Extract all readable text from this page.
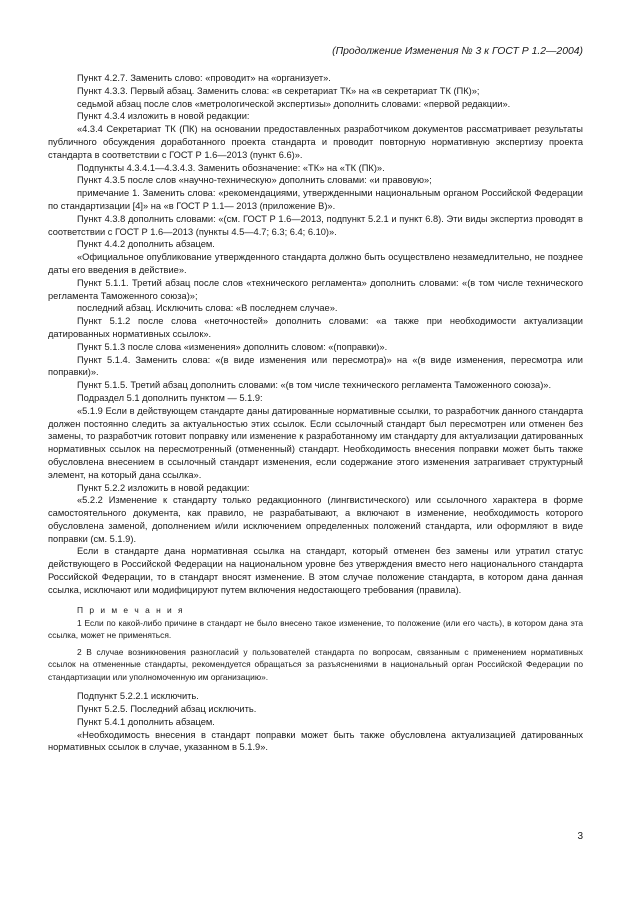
(Продолжение Изменения № 3 к ГОСТ Р 1.2—2004)

Пункт 4.2.7. Заменить слово: «проводит» на «организует».

Пункт 4.3.3. Первый абзац. Заменить слова: «в секретариат ТК» на «в секретариат ТК (ПК)»;

седьмой абзац после слов «метрологической экспертизы» дополнить словами: «первой редакции».

Пункт 4.3.4 изложить в новой редакции:

«4.3.4 Секретариат ТК (ПК) на основании предоставленных разработчиком документов рассматривает результаты публичного обсуждения доработанного проекта стандарта и проводит повторную нормативную экспертизу проекта стандарта в соответствии с ГОСТ Р 1.6—2013 (пункт 6.6)».

Подпункты 4.3.4.1—4.3.4.3. Заменить обозначение: «ТК» на «ТК (ПК)».

Пункт 4.3.5 после слов «научно-техническую» дополнить словами: «и правовую»;

примечание 1. Заменить слова: «рекомендациями, утвержденными национальным органом Российской Федерации по стандартизации [4]» на «в ГОСТ Р 1.1— 2013 (приложение В)».

Пункт 4.3.8 дополнить словами: «(см. ГОСТ Р 1.6—2013, подпункт 5.2.1 и пункт 6.8). Эти виды экспертиз проводят в соответствии с ГОСТ Р 1.6—2013 (пункты 4.5—4.7; 6.3; 6.4; 6.10)».

Пункт 4.4.2 дополнить абзацем.

«Официальное опубликование утвержденного стандарта должно быть осуществлено незамедлительно, не позднее даты его введения в действие».

Пункт 5.1.1. Третий абзац после слов «технического регламента» дополнить словами: «(в том числе технического регламента Таможенного союза)»;

последний абзац. Исключить слова: «В последнем случае».

Пункт 5.1.2 после слова «неточностей» дополнить словами: «а также при необходимости актуализации датированных нормативных ссылок».

Пункт 5.1.3 после слова «изменения» дополнить словом: «(поправки)».

Пункт 5.1.4. Заменить слова: «(в виде изменения или пересмотра)» на «(в виде изменения, пересмотра или поправки)».

Пункт 5.1.5. Третий абзац дополнить словами: «(в том числе технического регламента Таможенного союза)».

Подраздел 5.1 дополнить пунктом — 5.1.9:

«5.1.9 Если в действующем стандарте даны датированные нормативные ссылки, то разработчик данного стандарта должен постоянно следить за актуальностью этих ссылок. Если ссылочный стандарт был пересмотрен или отменен без замены, то разработчик готовит поправку или изменение к разработанному им стандарту для актуализации датированных нормативных ссылок на пересмотренный (отмененный) стандарт. Необходимость внесения поправки может быть также обусловлена внесением в ссылочный стандарт изменения, если содержание этого изменения затрагивает структурный элемент, на который дана ссылка».

Пункт 5.2.2 изложить в новой редакции:

«5.2.2 Изменение к стандарту только редакционного (лингвистического) или ссылочного характера в форме самостоятельного документа, как правило, не разрабатывают, а включают в изменение, необходимость которого обусловлена заменой, дополнением и/или исключением определенных положений стандарта, или оформляют в виде поправки (см. 5.1.9).

Если в стандарте дана нормативная ссылка на стандарт, который отменен без замены или утратил статус действующего в Российской Федерации на национальном уровне без утверждения вместо него национального стандарта Российской Федерации, то в стандарт вносят изменение. В этом случае положение стандарта, в котором дана данная ссылка, исключают или модифицируют путем включения недостающего требования (правила).

П р и м е ч а н и я

1 Если по какой-либо причине в стандарт не было внесено такое изменение, то положение (или его часть), в котором дана эта ссылка, может не применяться.

2 В случае возникновения разногласий у пользователей стандарта по вопросам, связанным с применением нормативных ссылок на отмененные стандарты, рекомендуется обращаться за разъяснениями в национальный орган Российской Федерации по стандартизации или уполномоченную им организацию».

Подпункт 5.2.2.1 исключить.

Пункт 5.2.5. Последний абзац исключить.

Пункт 5.4.1 дополнить абзацем.

«Необходимость внесения в стандарт поправки может быть также обусловлена актуализацией датированных нормативных ссылок в случае, указанном в 5.1.9».

3
